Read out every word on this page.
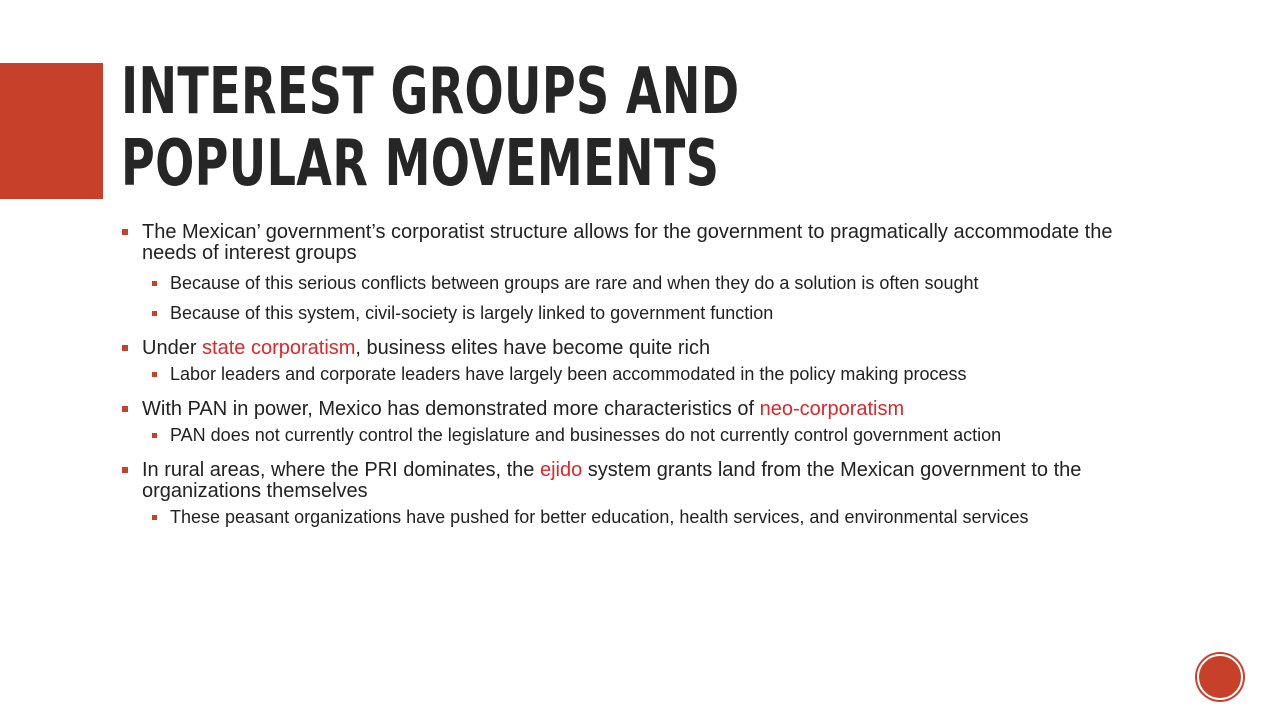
INTEREST GROUPS AND POPULAR MOVEMENTS
The Mexican’ government’s corporatist structure allows for the government to pragmatically accommodate the needs of interest groups
Because of this serious conflicts between groups are rare and when they do a solution is often sought
Because of this system, civil-society is largely linked to government function
Under state corporatism, business elites have become quite rich
Labor leaders and corporate leaders have largely been accommodated in the policy making process
With PAN in power, Mexico has demonstrated more characteristics of neo-corporatism
PAN does not currently control the legislature and businesses do not currently control government action
In rural areas, where the PRI dominates, the ejido system grants land from the Mexican government to the organizations themselves
These peasant organizations have pushed for better education, health services, and environmental services
